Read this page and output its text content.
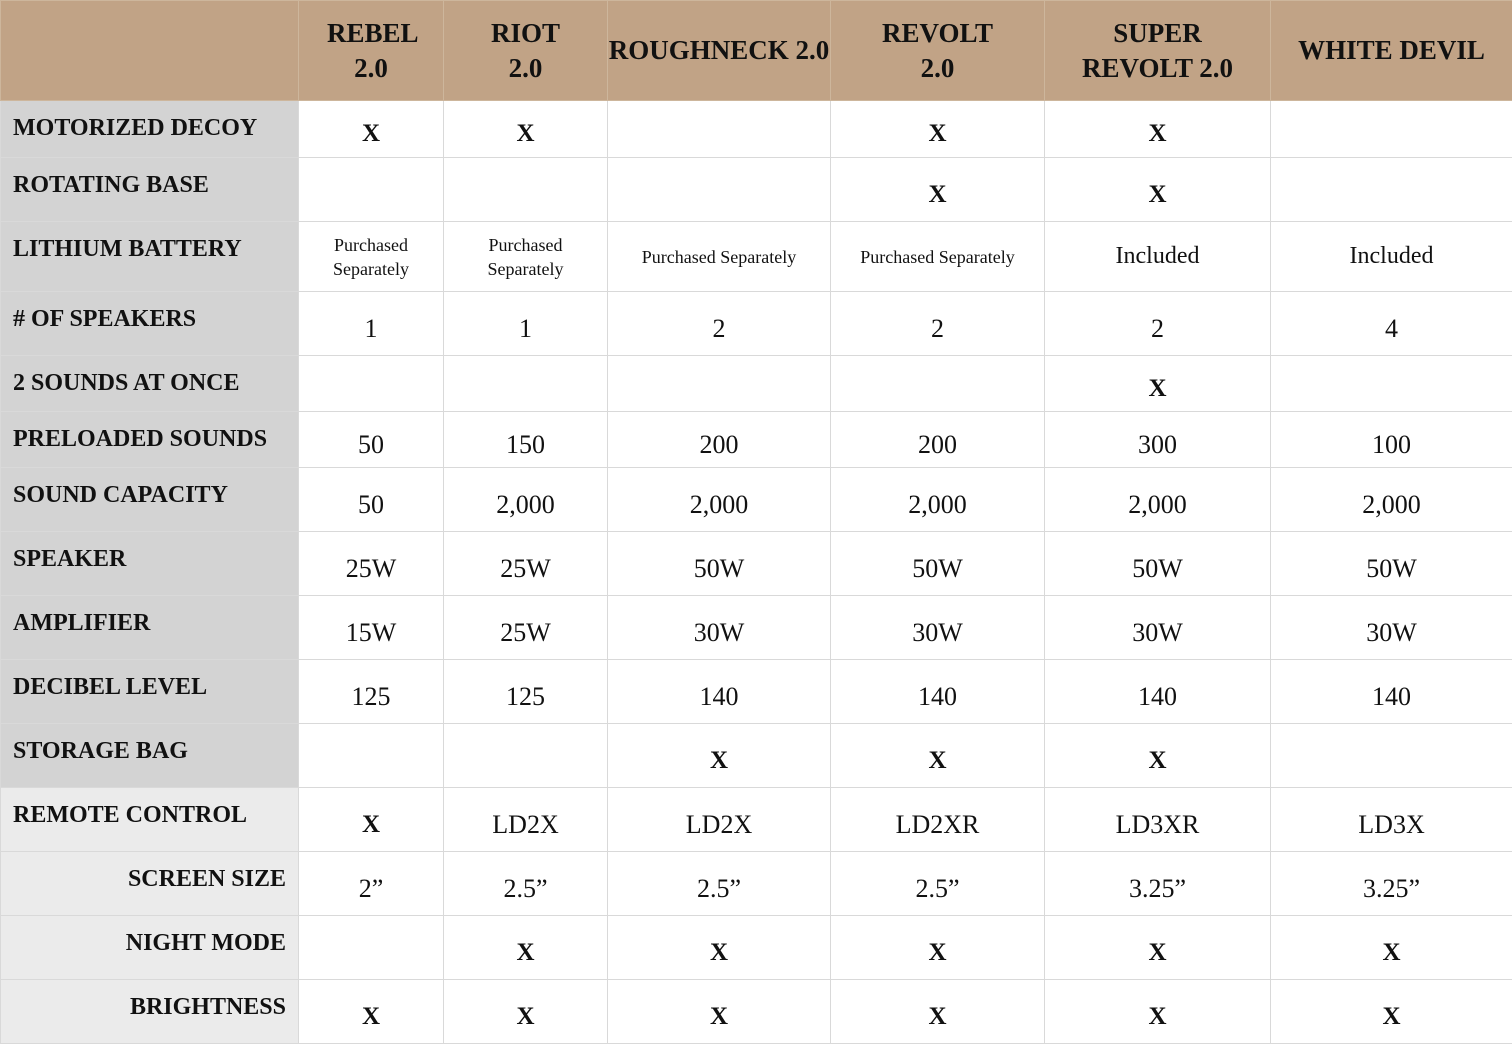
	REBEL 2.0	RIOT 2.0	ROUGHNECK 2.0	REVOLT 2.0	SUPER REVOLT 2.0	WHITE DEVIL
MOTORIZED DECOY	X	X		X	X	
ROTATING BASE				X	X	
LITHIUM BATTERY	Purchased Separately	Purchased Separately	Purchased Separately	Purchased Separately	Included	Included
# OF SPEAKERS	1	1	2	2	2	4
2 SOUNDS AT ONCE					X	
PRELOADED SOUNDS	50	150	200	200	300	100
SOUND CAPACITY	50	2,000	2,000	2,000	2,000	2,000
SPEAKER	25W	25W	50W	50W	50W	50W
AMPLIFIER	15W	25W	30W	30W	30W	30W
DECIBEL LEVEL	125	125	140	140	140	140
STORAGE BAG			X	X	X	
REMOTE CONTROL	X	LD2X	LD2X	LD2XR	LD3XR	LD3X
SCREEN SIZE	2”	2.5”	2.5”	2.5”	3.25”	3.25”
NIGHT MODE		X	X	X	X	X
BRIGHTNESS	X	X	X	X	X	X
